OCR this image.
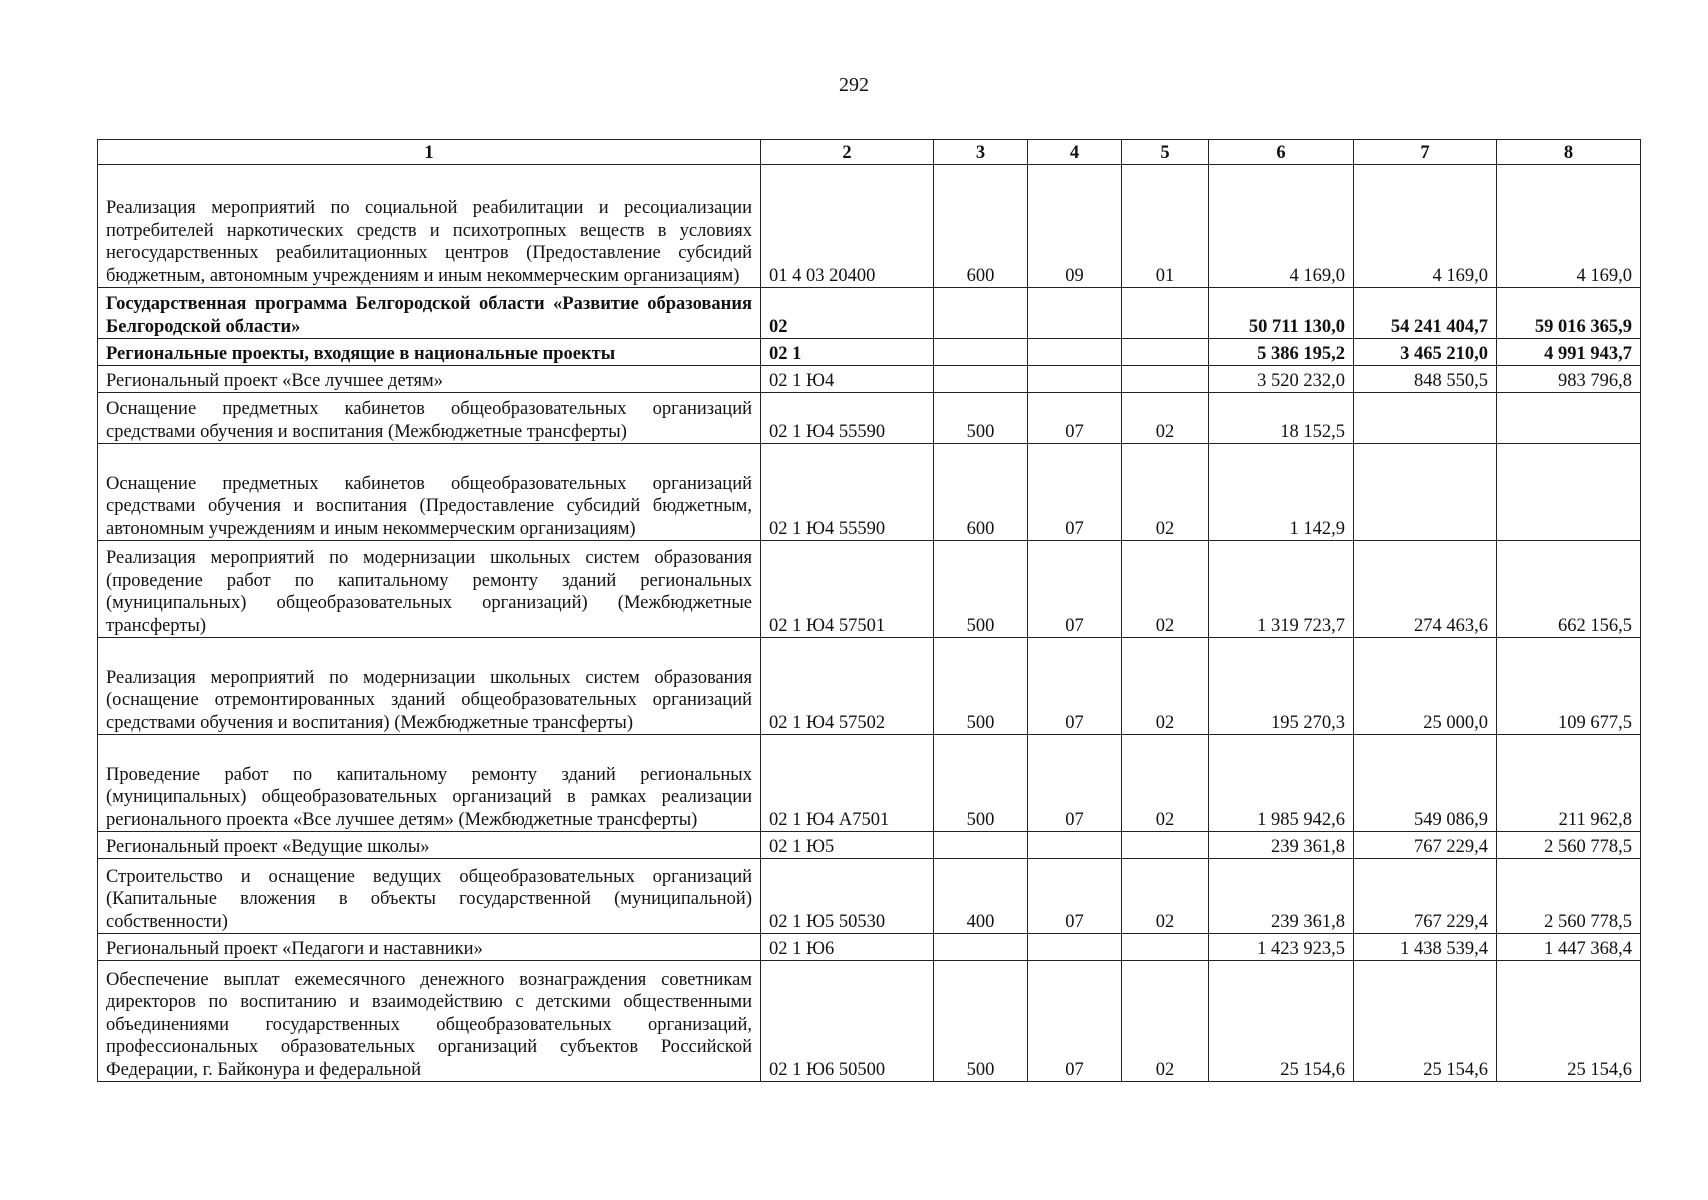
292
1	2	3	4	5	6	7	8
Реализация мероприятий по социальной реабилитации и ресоциализации потребителей наркотических средств и психотропных веществ в условиях негосударственных реабилитационных центров (Предоставление субсидий бюджетным, автономным учреждениям и иным некоммерческим организациям)	01 4 03 20400	600	09	01	4 169,0	4 169,0	4 169,0
Государственная программа Белгородской области «Развитие образования Белгородской области»	02				50 711 130,0	54 241 404,7	59 016 365,9
Региональные проекты, входящие в национальные проекты	02 1				5 386 195,2	3 465 210,0	4 991 943,7
Региональный проект «Все лучшее детям»	02 1 Ю4				3 520 232,0	848 550,5	983 796,8
Оснащение предметных кабинетов общеобразовательных организаций средствами обучения и воспитания (Межбюджетные трансферты)	02 1 Ю4 55590	500	07	02	18 152,5		
Оснащение предметных кабинетов общеобразовательных организаций средствами обучения и воспитания (Предоставление субсидий бюджетным, автономным учреждениям и иным некоммерческим организациям)	02 1 Ю4 55590	600	07	02	1 142,9		
Реализация мероприятий по модернизации школьных систем образования (проведение работ по капитальному ремонту зданий региональных (муниципальных) общеобразовательных организаций) (Межбюджетные трансферты)	02 1 Ю4 57501	500	07	02	1 319 723,7	274 463,6	662 156,5
Реализация мероприятий по модернизации школьных систем образования (оснащение отремонтированных зданий общеобразовательных организаций средствами обучения и воспитания) (Межбюджетные трансферты)	02 1 Ю4 57502	500	07	02	195 270,3	25 000,0	109 677,5
Проведение работ по капитальному ремонту зданий региональных (муниципальных) общеобразовательных организаций в рамках реализации регионального проекта «Все лучшее детям» (Межбюджетные трансферты)	02 1 Ю4 А7501	500	07	02	1 985 942,6	549 086,9	211 962,8
Региональный проект «Ведущие школы»	02 1 Ю5				239 361,8	767 229,4	2 560 778,5
Строительство и оснащение ведущих общеобразовательных организаций (Капитальные вложения в объекты государственной (муниципальной) собственности)	02 1 Ю5 50530	400	07	02	239 361,8	767 229,4	2 560 778,5
Региональный проект «Педагоги и наставники»	02 1 Ю6				1 423 923,5	1 438 539,4	1 447 368,4
Обеспечение выплат ежемесячного денежного вознаграждения советникам директоров по воспитанию и взаимодействию с детскими общественными объединениями государственных общеобразовательных организаций, профессиональных образовательных организаций субъектов Российской Федерации, г. Байконура и федеральной	02 1 Ю6 50500	500	07	02	25 154,6	25 154,6	25 154,6
